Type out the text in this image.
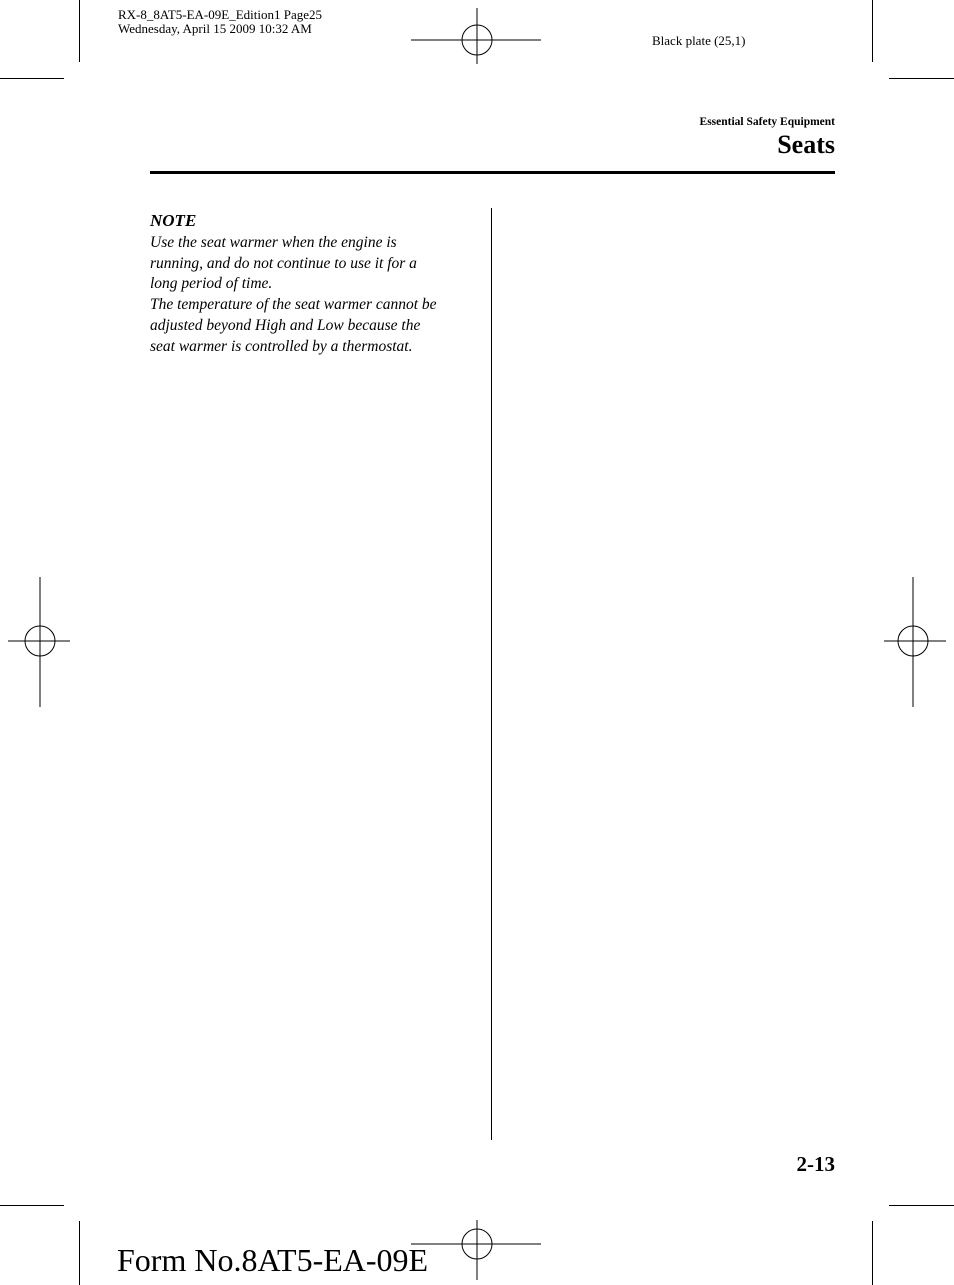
RX-8_8AT5-EA-09E_Edition1 Page25
Wednesday, April 15 2009 10:32 AM
Black plate (25,1)
Essential Safety Equipment
Seats
NOTE

Use the seat warmer when the engine is

running, and do not continue to use it for a

long period of time.

The temperature of the seat warmer cannot be

adjusted beyond High and Low because the

seat warmer is controlled by a thermostat.

2-13
Form No.8AT5-EA-09E
